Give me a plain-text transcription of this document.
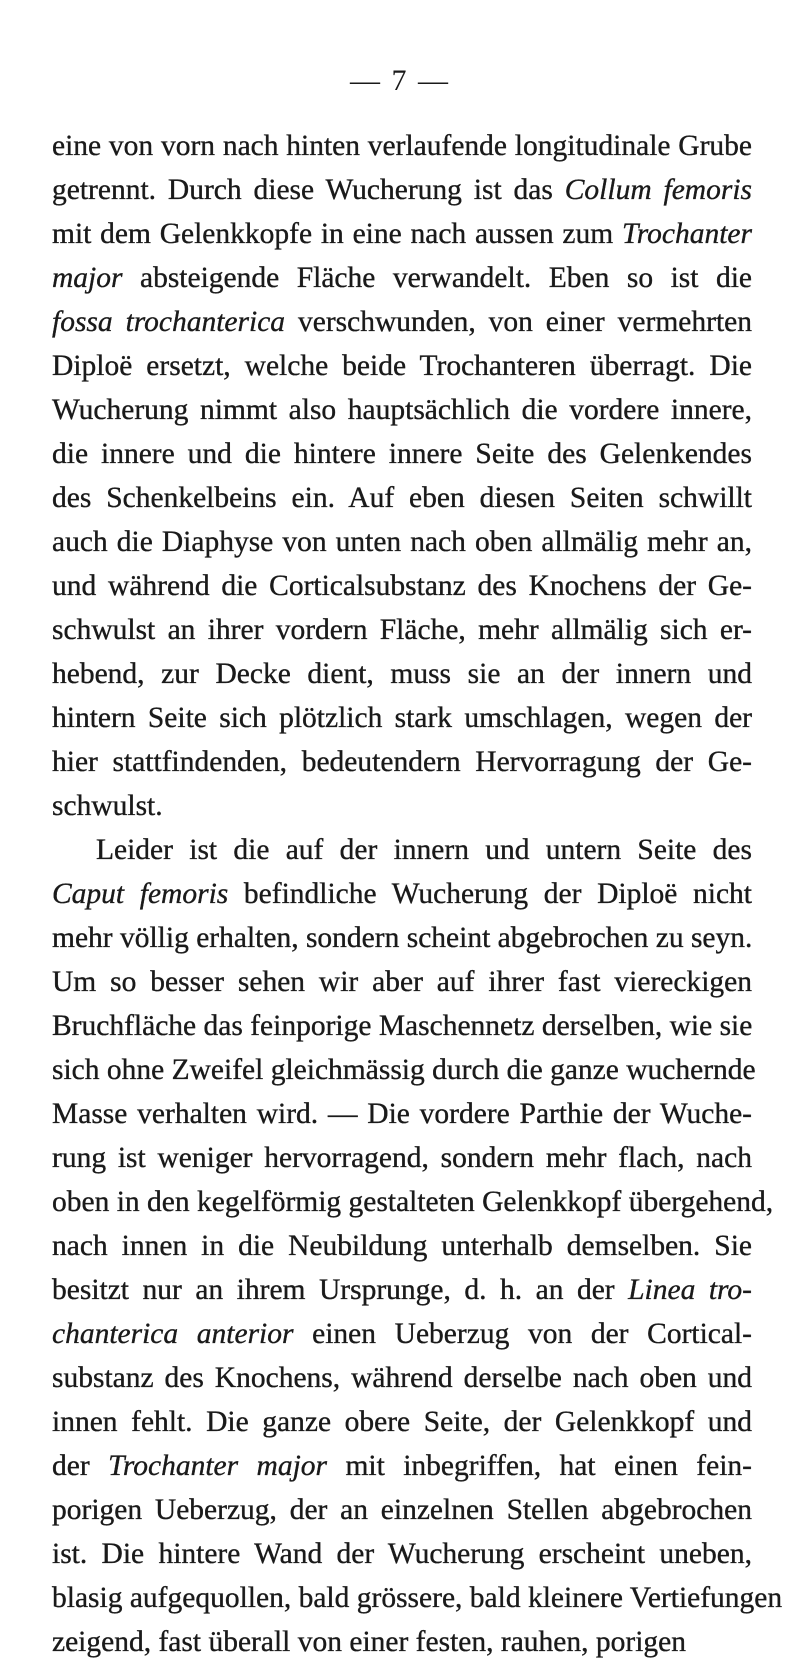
— 7 —
eine von vorn nach hinten verlaufende longitudinale Grube
getrennt. Durch diese Wucherung ist das Collum femoris
mit dem Gelenkkopfe in eine nach aussen zum Trochanter
major absteigende Fläche verwandelt. Eben so ist die
fossa trochanterica verschwunden, von einer vermehrten
Diploë ersetzt, welche beide Trochanteren überragt. Die
Wucherung nimmt also hauptsächlich die vordere innere,
die innere und die hintere innere Seite des Gelenkendes
des Schenkelbeins ein. Auf eben diesen Seiten schwillt
auch die Diaphyse von unten nach oben allmälig mehr an,
und während die Corticalsubstanz des Knochens der Ge-
schwulst an ihrer vordern Fläche, mehr allmälig sich er-
hebend, zur Decke dient, muss sie an der innern und
hintern Seite sich plötzlich stark umschlagen, wegen der
hier stattfindenden, bedeutendern Hervorragung der Ge-
schwulst.
Leider ist die auf der innern und untern Seite des
Caput femoris befindliche Wucherung der Diploë nicht
mehr völlig erhalten, sondern scheint abgebrochen zu seyn.
Um so besser sehen wir aber auf ihrer fast viereckigen
Bruchfläche das feinporige Maschennetz derselben, wie sie
sich ohne Zweifel gleichmässig durch die ganze wuchernde
Masse verhalten wird. — Die vordere Parthie der Wuche-
rung ist weniger hervorragend, sondern mehr flach, nach
oben in den kegelförmig gestalteten Gelenkkopf übergehend,
nach innen in die Neubildung unterhalb demselben. Sie
besitzt nur an ihrem Ursprunge, d. h. an der Linea tro-
chanterica anterior einen Ueberzug von der Cortical-
substanz des Knochens, während derselbe nach oben und
innen fehlt. Die ganze obere Seite, der Gelenkkopf und
der Trochanter major mit inbegriffen, hat einen fein-
porigen Ueberzug, der an einzelnen Stellen abgebrochen
ist. Die hintere Wand der Wucherung erscheint uneben,
blasig aufgequollen, bald grössere, bald kleinere Vertiefungen
zeigend, fast überall von einer festen, rauhen, porigen
